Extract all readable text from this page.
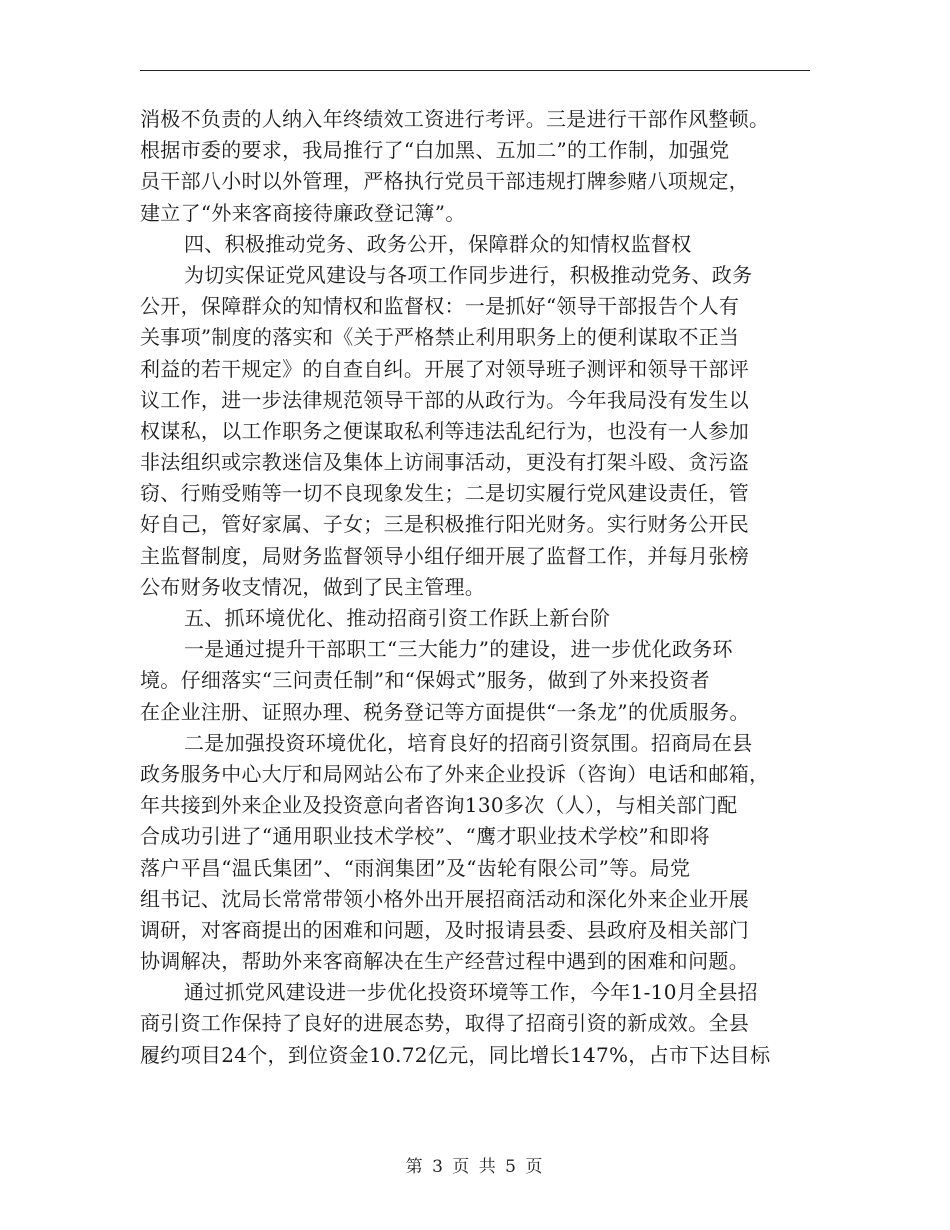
消极不负责的人纳入年终绩效工资进行考评。三是进行干部作风整顿。
根据市委的要求，我局推行了“白加黑、五加二”的工作制，加强党
员干部八小时以外管理，严格执行党员干部违规打牌参赌八项规定，
建立了“外来客商接待廉政登记簿”。
四、积极推动党务、政务公开，保障群众的知情权监督权
为切实保证党风建设与各项工作同步进行，积极推动党务、政务
公开，保障群众的知情权和监督权：一是抓好“领导干部报告个人有
关事项”制度的落实和《关于严格禁止利用职务上的便利谋取不正当
利益的若干规定》的自查自纠。开展了对领导班子测评和领导干部评
议工作，进一步法律规范领导干部的从政行为。今年我局没有发生以
权谋私，以工作职务之便谋取私利等违法乱纪行为，也没有一人参加
非法组织或宗教迷信及集体上访闹事活动，更没有打架斗殴、贪污盗
窃、行贿受贿等一切不良现象发生；二是切实履行党风建设责任，管
好自己，管好家属、子女；三是积极推行阳光财务。实行财务公开民
主监督制度，局财务监督领导小组仔细开展了监督工作，并每月张榜
公布财务收支情况，做到了民主管理。
五、抓环境优化、推动招商引资工作跃上新台阶
一是通过提升干部职工“三大能力”的建设，进一步优化政务环
境。仔细落实“三问责任制”和“保姆式”服务，做到了外来投资者
在企业注册、证照办理、税务登记等方面提供“一条龙”的优质服务。
二是加强投资环境优化，培育良好的招商引资氛围。招商局在县
政务服务中心大厅和局网站公布了外来企业投诉（咨询）电话和邮箱，
年共接到外来企业及投资意向者咨询130多次（人），与相关部门配
合成功引进了“通用职业技术学校”、“鹰才职业技术学校”和即将
落户平昌“温氏集团”、“雨润集团”及“齿轮有限公司”等。局党
组书记、沈局长常常带领小格外出开展招商活动和深化外来企业开展
调研，对客商提出的困难和问题，及时报请县委、县政府及相关部门
协调解决，帮助外来客商解决在生产经营过程中遇到的困难和问题。
通过抓党风建设进一步优化投资环境等工作，今年1-10月全县招
商引资工作保持了良好的进展态势，取得了招商引资的新成效。全县
履约项目24个，到位资金10.72亿元，同比增长147%，占市下达目标
第 3 页 共 5 页
